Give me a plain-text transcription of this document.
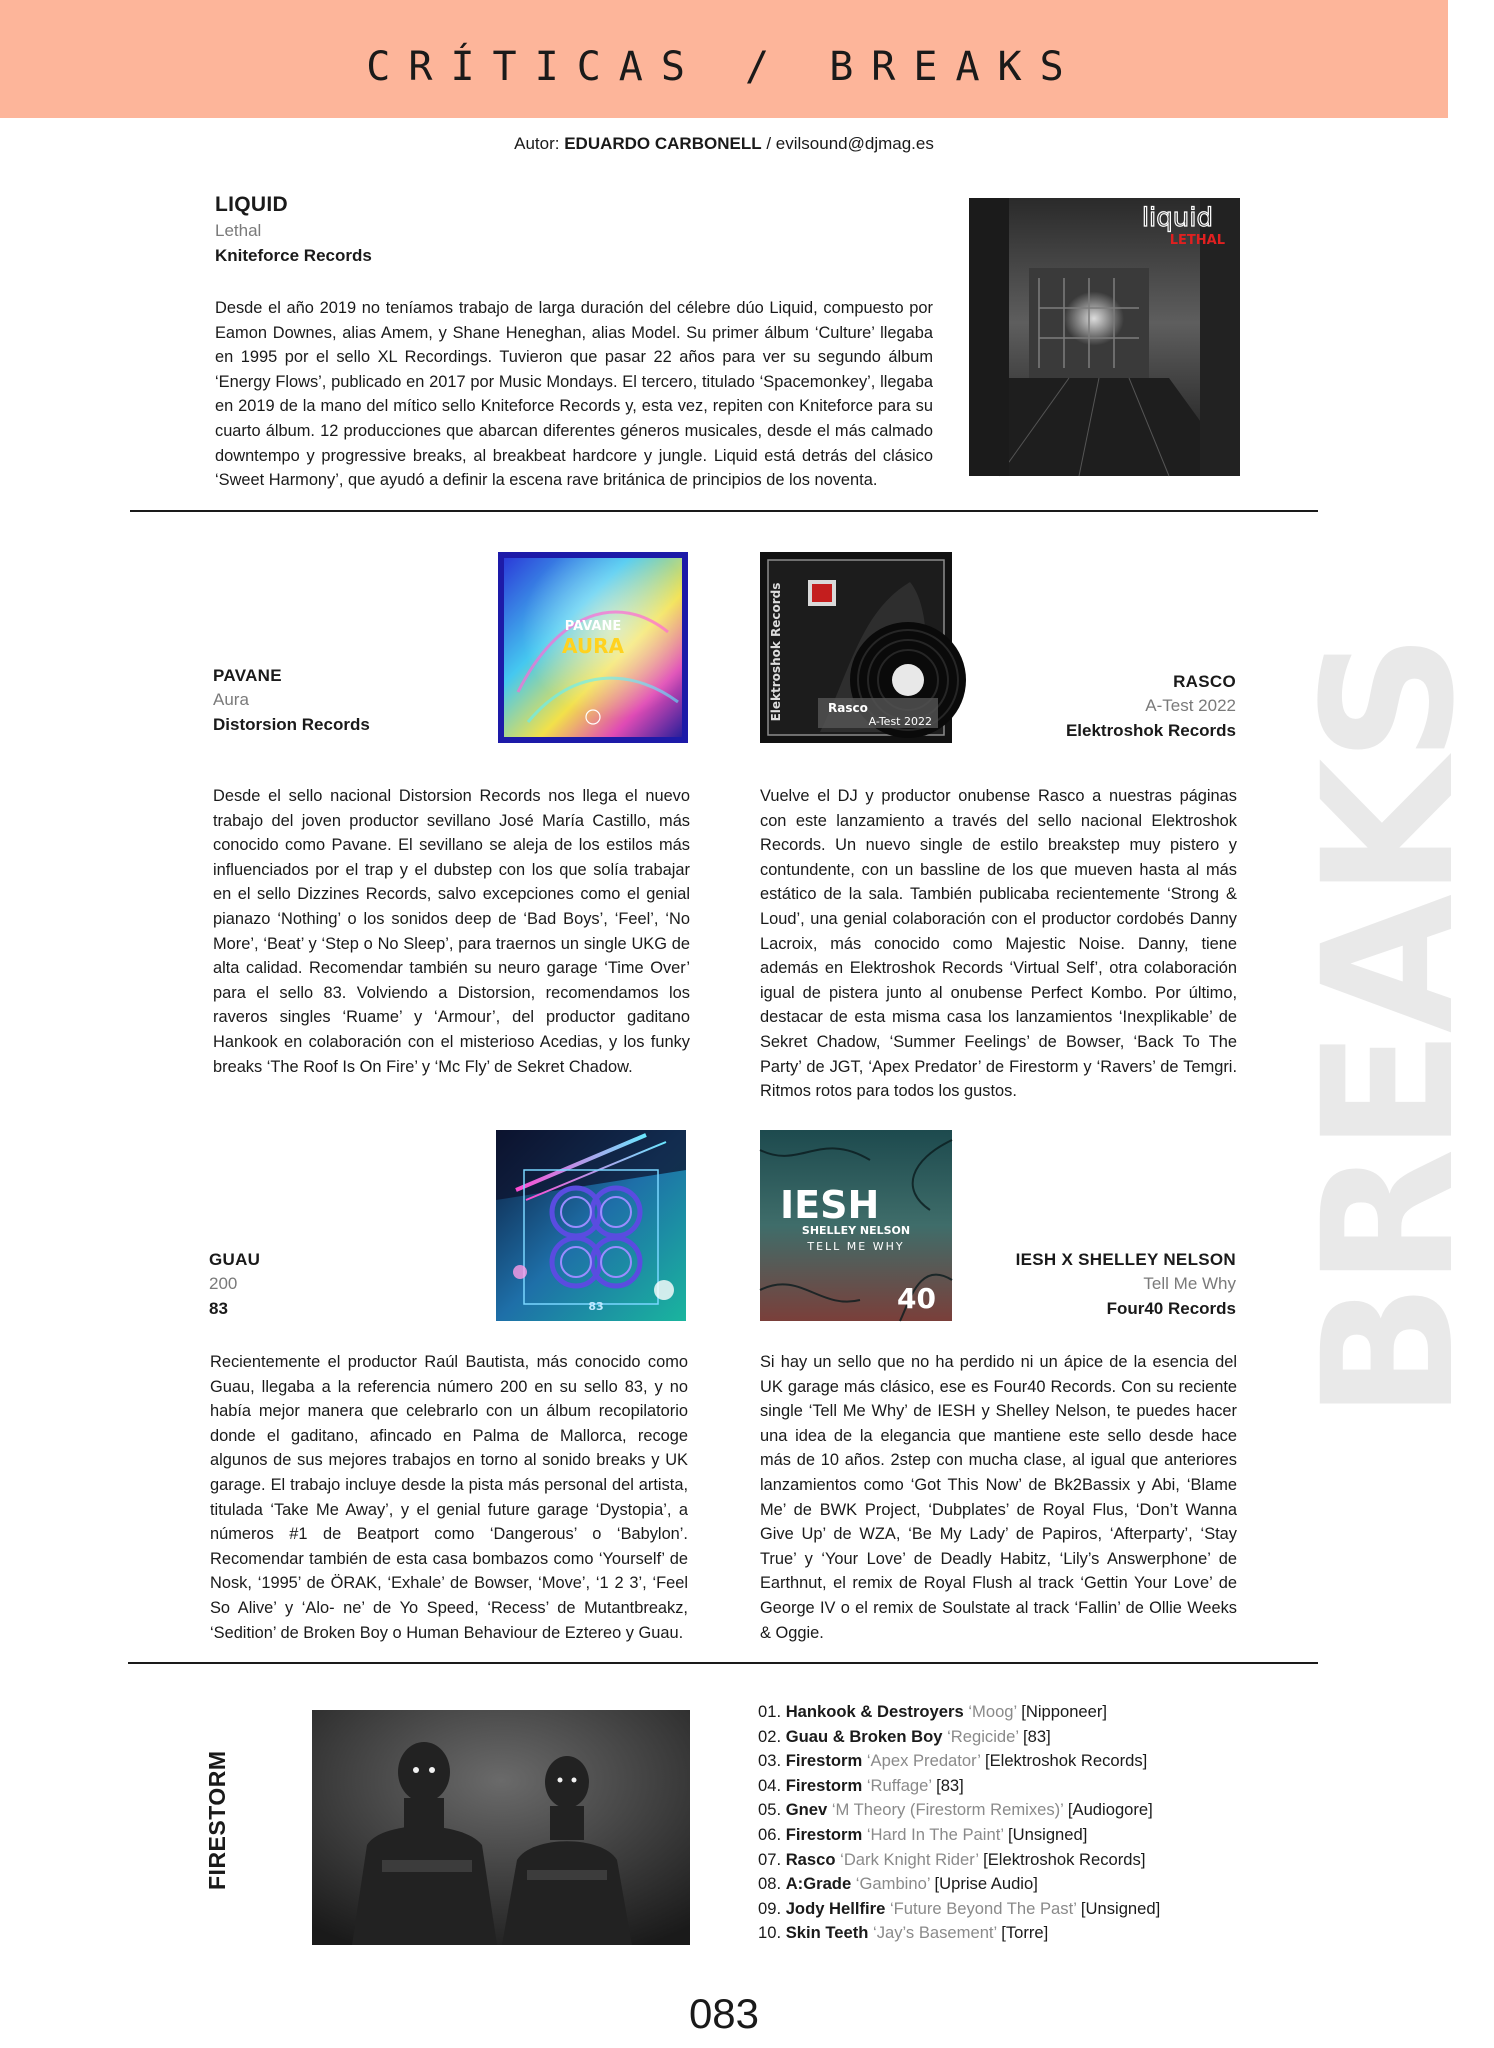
CRÍTICAS / BREAKS
Autor: EDUARDO CARBONELL / evilsound@djmag.es
BREAKS
LIQUID
Lethal
Kniteforce Records
Desde el año 2019 no teníamos trabajo de larga duración del célebre dúo Liquid, compuesto por Eamon Downes, alias Amem, y Shane Heneghan, alias Model. Su primer álbum ‘Culture’ llegaba en 1995 por el sello XL Recordings. Tuvieron que pasar 22 años para ver su segundo álbum ‘Energy Flows’, publicado en 2017 por Music Mondays. El tercero, titulado ‘Spacemonkey’, llegaba en 2019 de la mano del mítico sello Kniteforce Records y, esta vez, repiten con Kniteforce para su cuarto álbum. 12 producciones que abarcan diferentes géneros musicales, desde el más calmado downtempo y progressive breaks, al breakbeat hardcore y jungle. Liquid está detrás del clásico ‘Sweet Harmony’, que ayudó a definir la escena rave británica de principios de los noventa.
liquid
LETHAL
PAVANE
AURA
PAVANE
Aura
Distorsion Records
Desde el sello nacional Distorsion Records nos llega el nuevo trabajo del joven productor sevillano José María Castillo, más conocido como Pavane. El sevillano se aleja de los estilos más influenciados por el trap y el dubstep con los que solía trabajar en el sello Dizzines Records, salvo excepciones como el genial pianazo ‘Nothing’ o los sonidos deep de ‘Bad Boys’, ‘Feel’, ‘No More’, ‘Beat’ y ‘Step o No Sleep’, para traernos un single UKG de alta calidad. Recomendar también su neuro garage ‘Time Over’ para el sello 83. Volviendo a Distorsion, recomendamos los raveros singles ‘Ruame’ y ‘Armour’, del productor gaditano Hankook en colaboración con el misterioso Acedias, y los funky breaks ‘The Roof Is On Fire’ y ‘Mc Fly’ de Sekret Chadow.
Elektroshok Records	Rasco
A-Test 2022
RASCO
A-Test 2022
Elektroshok Records
Vuelve el DJ y productor onubense Rasco a nuestras páginas con este lanzamiento a través del sello nacional Elektroshok Records. Un nuevo single de estilo breakstep muy pistero y contundente, con un bassline de los que mueven hasta al más estático de la sala. También publicaba recientemente ‘Strong & Loud’, una genial colaboración con el productor cordobés Danny Lacroix, más conocido como Majestic Noise. Danny, tiene además en Elektroshok Records ‘Virtual Self’, otra colaboración igual de pistera junto al onubense Perfect Kombo. Por último, destacar de esta misma casa los lanzamientos ‘Inexplikable’ de Sekret Chadow, ‘Summer Feelings’ de Bowser, ‘Back To The Party’ de JGT, ‘Apex Predator’ de Firestorm y ‘Ravers’ de Temgri. Ritmos rotos para todos los gustos.
83
GUAU
200
83
Recientemente el productor Raúl Bautista, más conocido como Guau, llegaba a la referencia número 200 en su sello 83, y no había mejor manera que celebrarlo con un álbum recopilatorio donde el gaditano, afincado en Palma de Mallorca, recoge algunos de sus mejores trabajos en torno al sonido breaks y UK garage. El trabajo incluye desde la pista más personal del artista, titulada ‘Take Me Away’, y el genial future garage ‘Dystopia’, a números #1 de Beatport como ‘Dangerous’ o ‘Babylon’. Recomendar también de esta casa bombazos como ‘Yourself’ de Nosk, ‘1995’ de ÖRAK, ‘Exhale’ de Bowser, ‘Move’, ‘1 2 3’, ‘Feel So Alive’ y ‘Alo- ne’ de Yo Speed, ‘Recess’ de Mutantbreakz, ‘Sedition’ de Broken Boy o Human Behaviour de Eztereo y Guau.
IESH
SHELLEY NELSON
TELL ME WHY
40
IESH X SHELLEY NELSON
Tell Me Why
Four40 Records
Si hay un sello que no ha perdido ni un ápice de la esencia del UK garage más clásico, ese es Four40 Records. Con su reciente single ‘Tell Me Why’ de IESH y Shelley Nelson, te puedes hacer una idea de la elegancia que mantiene este sello desde hace más de 10 años. 2step con mucha clase, al igual que anteriores lanzamientos como ‘Got This Now’ de Bk2Bassix y Abi, ‘Blame Me’ de BWK Project, ‘Dubplates’ de Royal Flus, ‘Don’t Wanna Give Up’ de WZA, ‘Be My Lady’ de Papiros, ‘Afterparty’, ‘Stay True’ y ‘Your Love’ de Deadly Habitz, ‘Lily’s Answerphone’ de Earthnut, el remix de Royal Flush al track ‘Gettin Your Love’ de George IV o el remix de Soulstate al track ‘Fallin’ de Ollie Weeks & Oggie.
FIRESTORM
01. Hankook & Destroyers ‘Moog’ [Nipponeer]
02. Guau & Broken Boy ‘Regicide’ [83]
03. Firestorm ‘Apex Predator’ [Elektroshok Records]
04. Firestorm ‘Ruffage’ [83]
05. Gnev ‘M Theory (Firestorm Remixes)’ [Audiogore]
06. Firestorm ‘Hard In The Paint’ [Unsigned]
07. Rasco ‘Dark Knight Rider’ [Elektroshok Records]
08. A:Grade ‘Gambino’ [Uprise Audio]
09. Jody Hellfire ‘Future Beyond The Past’ [Unsigned]
10. Skin Teeth ‘Jay’s Basement’ [Torre]
083
